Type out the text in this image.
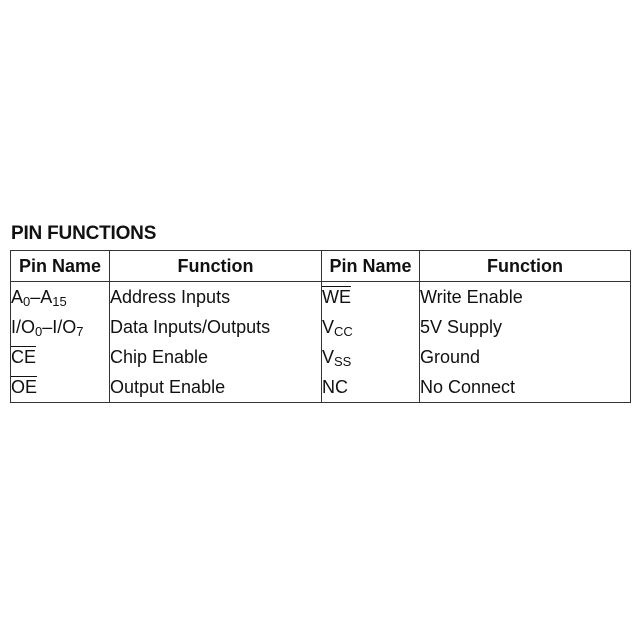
PIN FUNCTIONS
Pin Name	Function	Pin Name	Function
$A_0-A_{15}$	Address Inputs	$\overline{WE}$	Write Enable
$I/O_0-I/O_7$	Data Inputs/Outputs	$V_{CC}$	5V Supply
$\overline{CE}$	Chip Enable	$V_{SS}$	Ground
$\overline{OE}$	Output Enable	NC	No Connect
